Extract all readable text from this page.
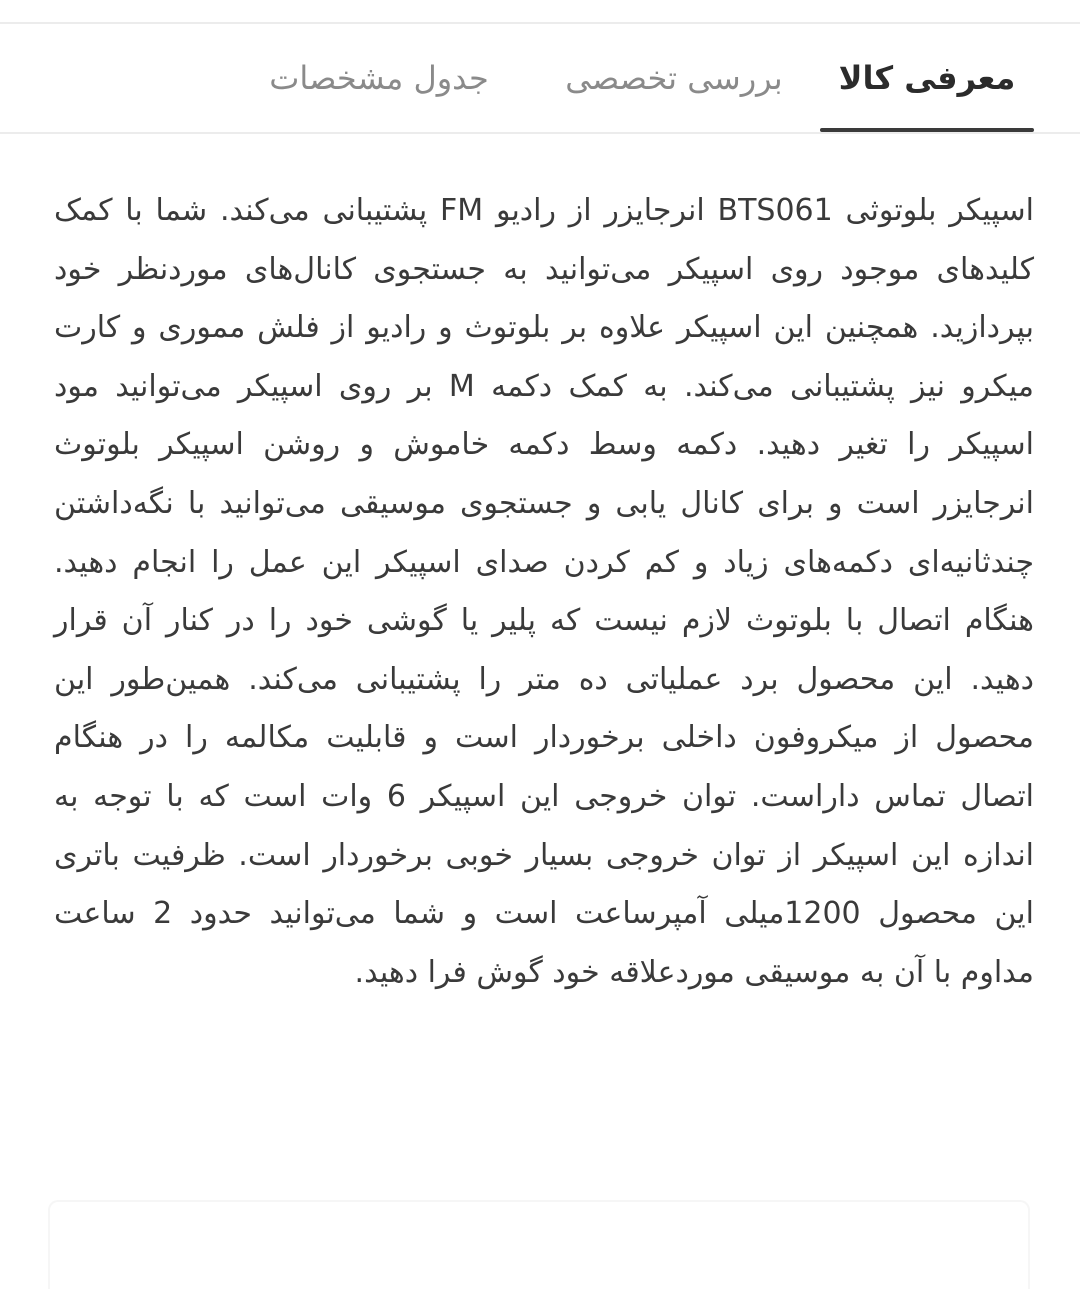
معرفی کالا
بررسی تخصصی
جدول مشخصات

اسپیکر بلوتوثی BTS061 انرجایزر از رادیو FM پشتیبانی می‌کند. شما با کمک کلیدهای موجود روی اسپیکر می‌توانید به جستجوی کانال‌های موردنظر خود بپردازید. همچنین این اسپیکر علاوه بر بلوتوث و رادیو از فلش مموری و کارت میکرو نیز پشتیبانی می‌کند. به کمک دکمه M بر روی اسپیکر می‌توانید مود اسپیکر را تغیر دهید. دکمه وسط دکمه خاموش و روشن اسپیکر بلوتوث انرجایزر است و برای کانال یابی و جستجوی موسیقی می‌توانید با نگه‌داشتن چندثانیه‌ای دکمه‌های زیاد و کم کردن صدای اسپیکر این عمل را انجام دهید. هنگام اتصال با بلوتوث لازم نیست که پلیر یا گوشی خود را در کنار آن قرار دهید. این محصول برد عملیاتی ده متر را پشتیبانی می‌کند. همین‌طور این محصول از میکروفون داخلی برخوردار است و قابلیت مکالمه را در هنگام اتصال تماس داراست. توان خروجی این اسپیکر 6 وات است که با توجه به اندازه این اسپیکر از توان خروجی بسیار خوبی برخوردار است. ظرفیت باتری این محصول 1200میلی آمپرساعت است و شما می‌توانید حدود 2 ساعت مداوم با آن به موسیقی موردعلاقه خود گوش فرا دهید.
